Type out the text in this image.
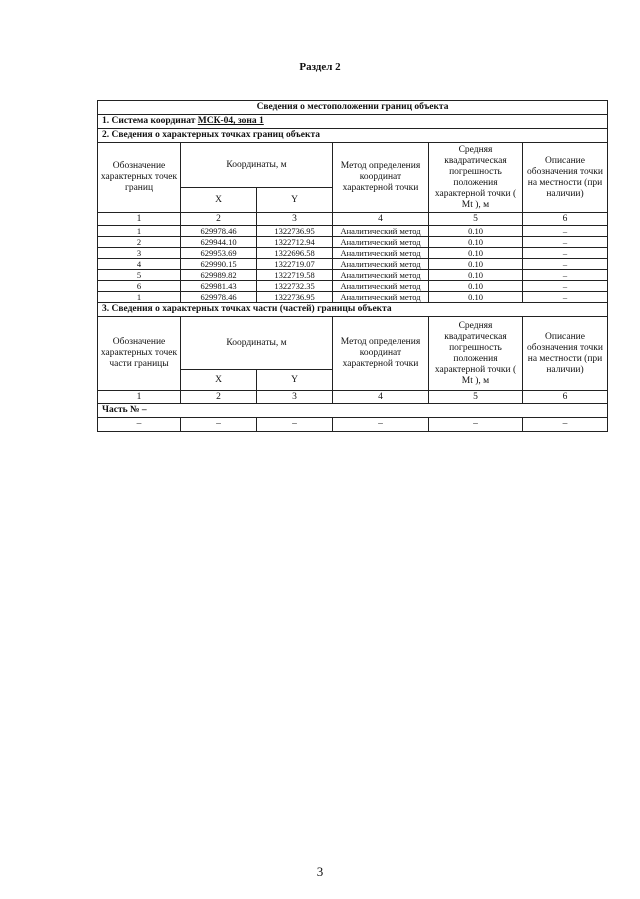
Раздел 2
Сведения о местоположении границ объекта					
1. Система координат МСК-04, зона 1					
2. Сведения о характерных точках границ объекта					
Обозначение характерных точек границ	Координаты, м		Метод определения координат характерной точки	Средняя квадратическая погрешность положения характерной точки ( Mt ), м	Описание обозначения точки на местности (при наличии)
	X	Y			
1	2	3	4	5	6
1	629978.46	1322736.95	Аналитический метод	0.10	–
2	629944.10	1322712.94	Аналитический метод	0.10	–
3	629953.69	1322696.58	Аналитический метод	0.10	–
4	629990.15	1322719.07	Аналитический метод	0.10	–
5	629989.82	1322719.58	Аналитический метод	0.10	–
6	629981.43	1322732.35	Аналитический метод	0.10	–
1	629978.46	1322736.95	Аналитический метод	0.10	–
3. Сведения о характерных точках части (частей) границы объекта					
Обозначение характерных точек части границы	Координаты, м		Метод определения координат характерной точки	Средняя квадратическая погрешность положения характерной точки ( Mt ), м	Описание обозначения точки на местности (при наличии)
	X	Y			
1	2	3	4	5	6
Часть № –					
–	–	–	–	–	–
3
